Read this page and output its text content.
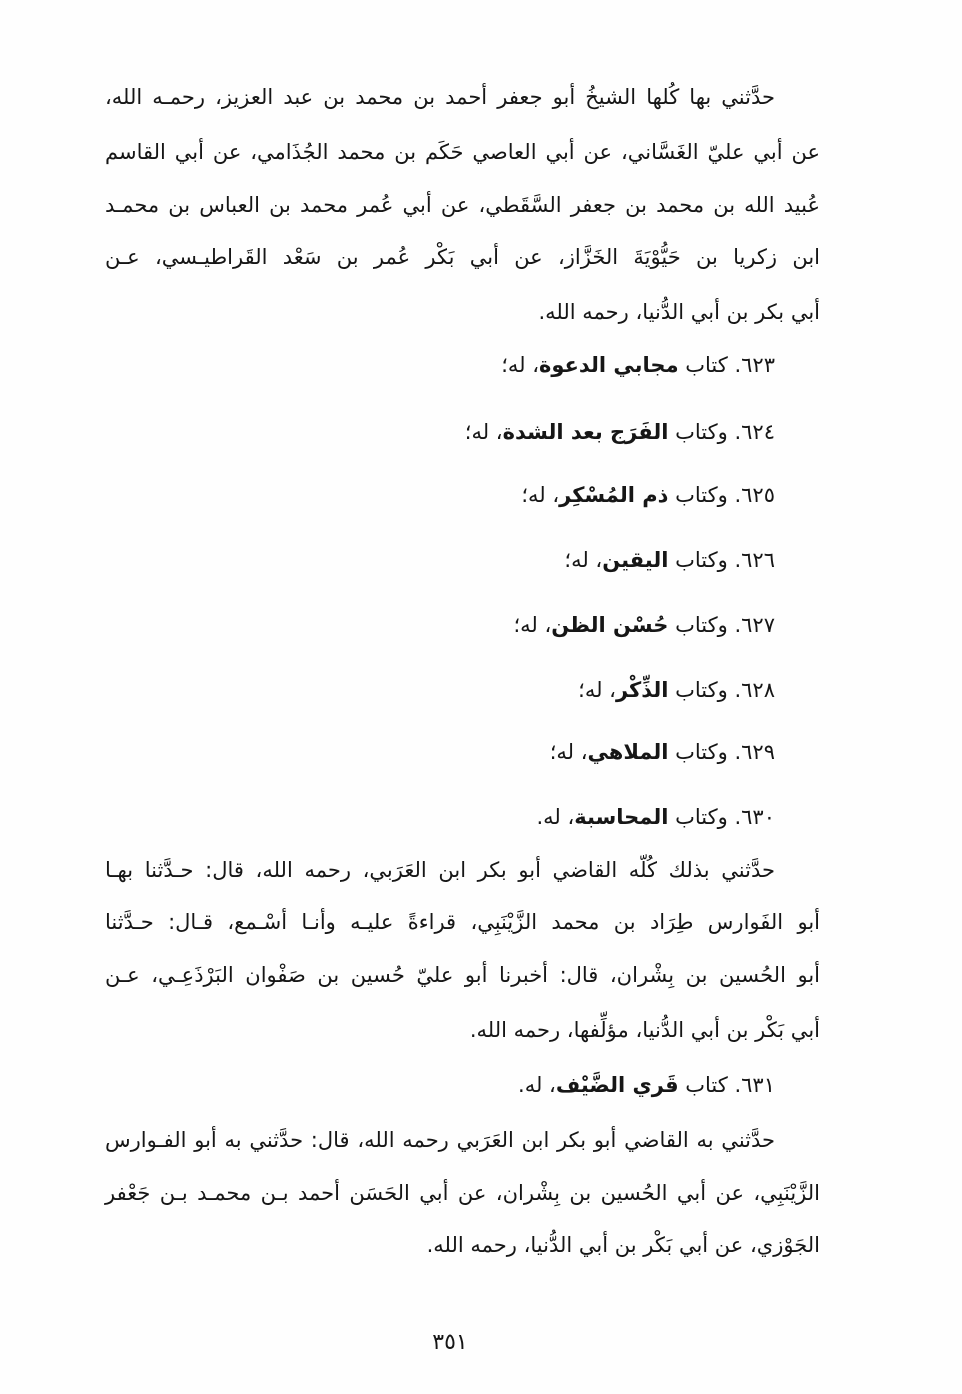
حدَّثني بها كُلها الشيخُ أبو جعفر أحمد بن محمد بن عبد العزيز، رحمـه الله،
عن أبي عليّ الغَسَّاني، عن أبي العاصي حَكَم بن محمد الجُذَامي، عن أبي القاسم
عُبيد الله بن محمد بن جعفر السَّقَطي، عن أبي عُمر محمد بن العباس بن محمـد
ابن زكريا بن حَيُّوْيَةَ الخَزَّاز، عن أبي بَكْر عُمر بن سَعْد القَراطيـسي، عـن
أبي بكر بن أبي الدُّنيا، رحمه الله.
٦٢٣. كتاب مجابي الدعوة، له؛
٦٢٤. وكتاب الفَرَج بعد الشدة، له؛
٦٢٥. وكتاب ذم المُسْكِر، له؛
٦٢٦. وكتاب اليقين، له؛
٦٢٧. وكتاب حُسْن الظن، له؛
٦٢٨. وكتاب الذِّكْر، له؛
٦٢٩. وكتاب الملاهي، له؛
٦٣٠. وكتاب المحاسبة، له.
حدَّثني بذلك كُلّه القاضي أبو بكر ابن العَرَبي، رحمه الله، قال: حـدَّثنا بهـا
أبو الفَوارس طِرَاد بن محمد الزَّيْنَبِي، قراءةً عليـه وأنـا أسْـمع، قـال: حـدَّثنا
أبو الحُسين بن بِشْران، قال: أخبرنا أبو عليّ حُسين بن صَفْوان البَرْذَعِـي، عـن
أبي بَكْر بن أبي الدُّنيا، مؤلِّفها، رحمه الله.
٦٣١. كتاب قَري الضَّيْف، له.
حدَّثني به القاضي أبو بكر ابن العَرَبي رحمه الله، قال: حدَّثني به أبو الفـوارس
الزَّيْنَبِي، عن أبي الحُسين بن بِشْران، عن أبي الحَسَن أحمد بـن محمـد بـن جَعْفر
الجَوْزي، عن أبي بَكْر بن أبي الدُّنيا، رحمه الله.
٣٥١
